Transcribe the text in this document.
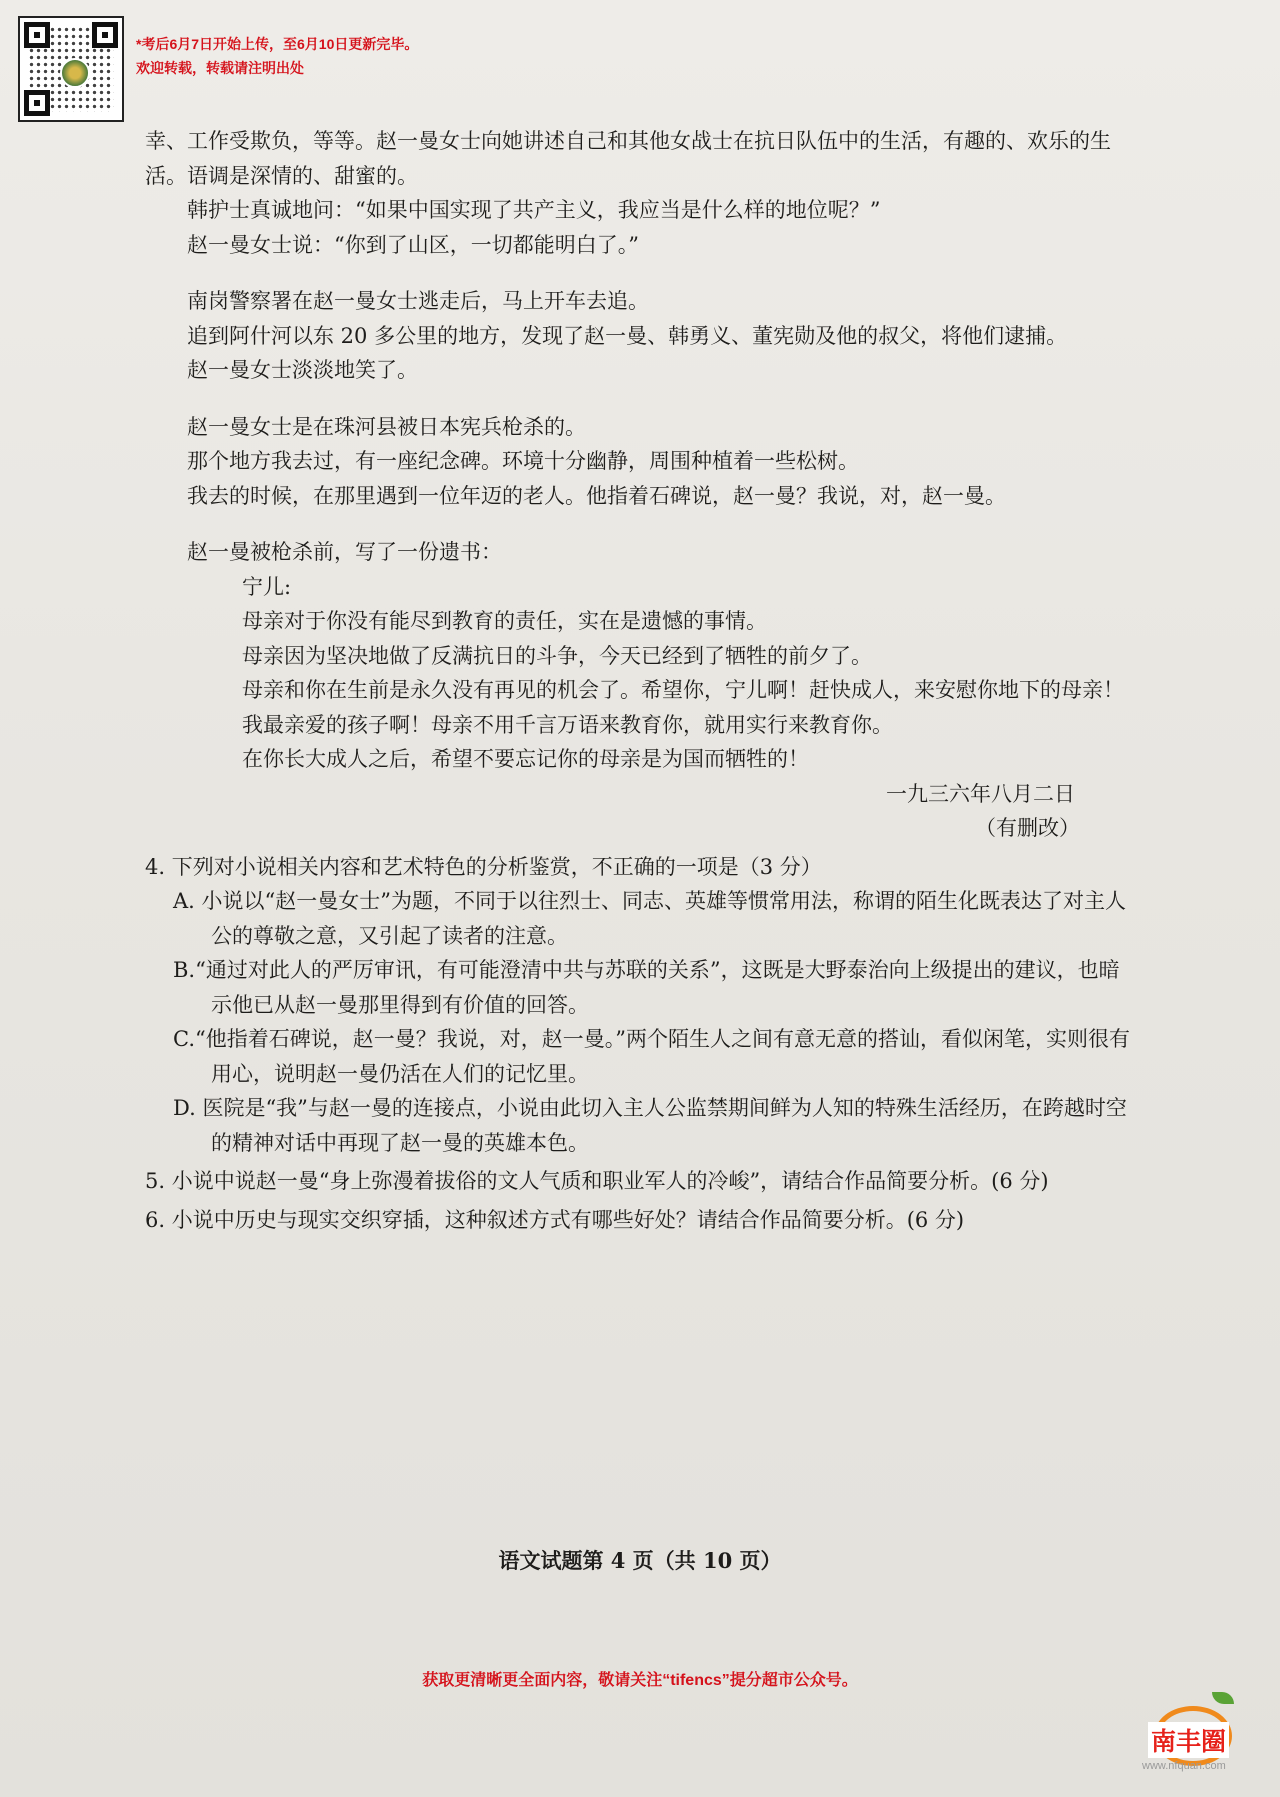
*考后6月7日开始上传，至6月10日更新完毕。
欢迎转载，转载请注明出处

幸、工作受欺负，等等。赵一曼女士向她讲述自己和其他女战士在抗日队伍中的生活，有趣的、欢乐的生活。语调是深情的、甜蜜的。

韩护士真诚地问：“如果中国实现了共产主义，我应当是什么样的地位呢？”

赵一曼女士说：“你到了山区，一切都能明白了。”

南岗警察署在赵一曼女士逃走后，马上开车去追。

追到阿什河以东 20 多公里的地方，发现了赵一曼、韩勇义、董宪勋及他的叔父，将他们逮捕。

赵一曼女士淡淡地笑了。

赵一曼女士是在珠河县被日本宪兵枪杀的。

那个地方我去过，有一座纪念碑。环境十分幽静，周围种植着一些松树。

我去的时候，在那里遇到一位年迈的老人。他指着石碑说，赵一曼？我说，对，赵一曼。

赵一曼被枪杀前，写了一份遗书：

宁儿:

母亲对于你没有能尽到教育的责任，实在是遗憾的事情。

母亲因为坚决地做了反满抗日的斗争，今天已经到了牺牲的前夕了。

母亲和你在生前是永久没有再见的机会了。希望你，宁儿啊！赶快成人，来安慰你地下的母亲！我最亲爱的孩子啊！母亲不用千言万语来教育你，就用实行来教育你。

在你长大成人之后，希望不要忘记你的母亲是为国而牺牲的！

一九三六年八月二日

（有删改）

4. 下列对小说相关内容和艺术特色的分析鉴赏，不正确的一项是（3 分）

A. 小说以“赵一曼女士”为题，不同于以往烈士、同志、英雄等惯常用法，称谓的陌生化既表达了对主人公的尊敬之意，又引起了读者的注意。

B.“通过对此人的严厉审讯，有可能澄清中共与苏联的关系”，这既是大野泰治向上级提出的建议，也暗示他已从赵一曼那里得到有价值的回答。

C.“他指着石碑说，赵一曼？我说，对，赵一曼。”两个陌生人之间有意无意的搭讪，看似闲笔，实则很有用心，说明赵一曼仍活在人们的记忆里。

D. 医院是“我”与赵一曼的连接点，小说由此切入主人公监禁期间鲜为人知的特殊生活经历，在跨越时空的精神对话中再现了赵一曼的英雄本色。

5. 小说中说赵一曼“身上弥漫着拔俗的文人气质和职业军人的冷峻”，请结合作品简要分析。(6 分)

6. 小说中历史与现实交织穿插，这种叙述方式有哪些好处？请结合作品简要分析。(6 分)

语文试题第 4 页（共 10 页）
获取更清晰更全面内容，敬请关注“tifencs”提分超市公众号。
南丰圈
www.nfquan.com
